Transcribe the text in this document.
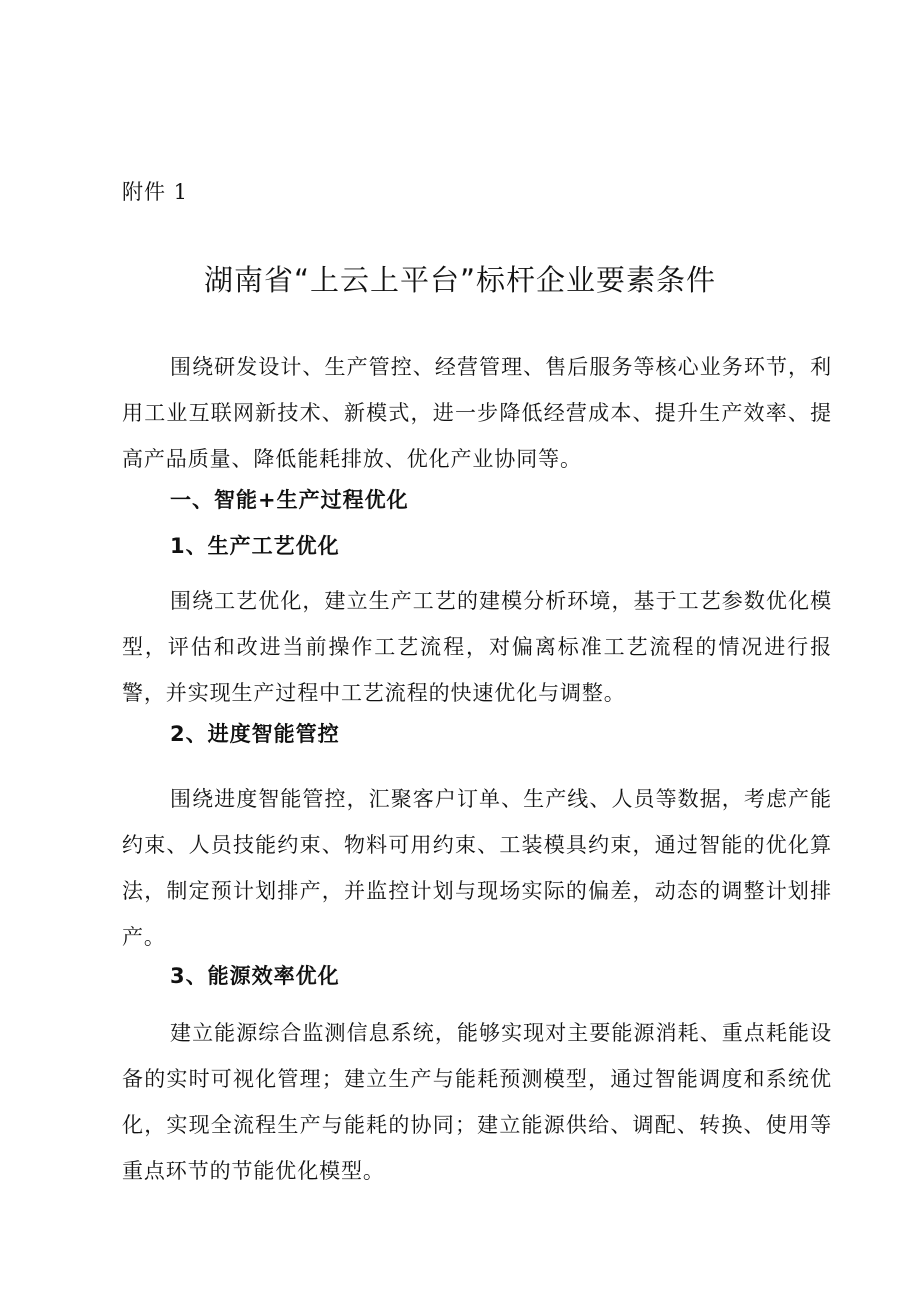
附件 1
湖南省“上云上平台”标杆企业要素条件

围绕研发设计、生产管控、经营管理、售后服务等核心业务环节，利用工业互联网新技术、新模式，进一步降低经营成本、提升生产效率、提高产品质量、降低能耗排放、优化产业协同等。

一、智能+生产过程优化
1、生产工艺优化

围绕工艺优化，建立生产工艺的建模分析环境，基于工艺参数优化模型，评估和改进当前操作工艺流程，对偏离标准工艺流程的情况进行报警，并实现生产过程中工艺流程的快速优化与调整。

2、进度智能管控

围绕进度智能管控，汇聚客户订单、生产线、人员等数据，考虑产能约束、人员技能约束、物料可用约束、工装模具约束，通过智能的优化算法，制定预计划排产，并监控计划与现场实际的偏差，动态的调整计划排产。

3、能源效率优化

建立能源综合监测信息系统，能够实现对主要能源消耗、重点耗能设备的实时可视化管理；建立生产与能耗预测模型，通过智能调度和系统优化，实现全流程生产与能耗的协同；建立能源供给、调配、转换、使用等重点环节的节能优化模型。
